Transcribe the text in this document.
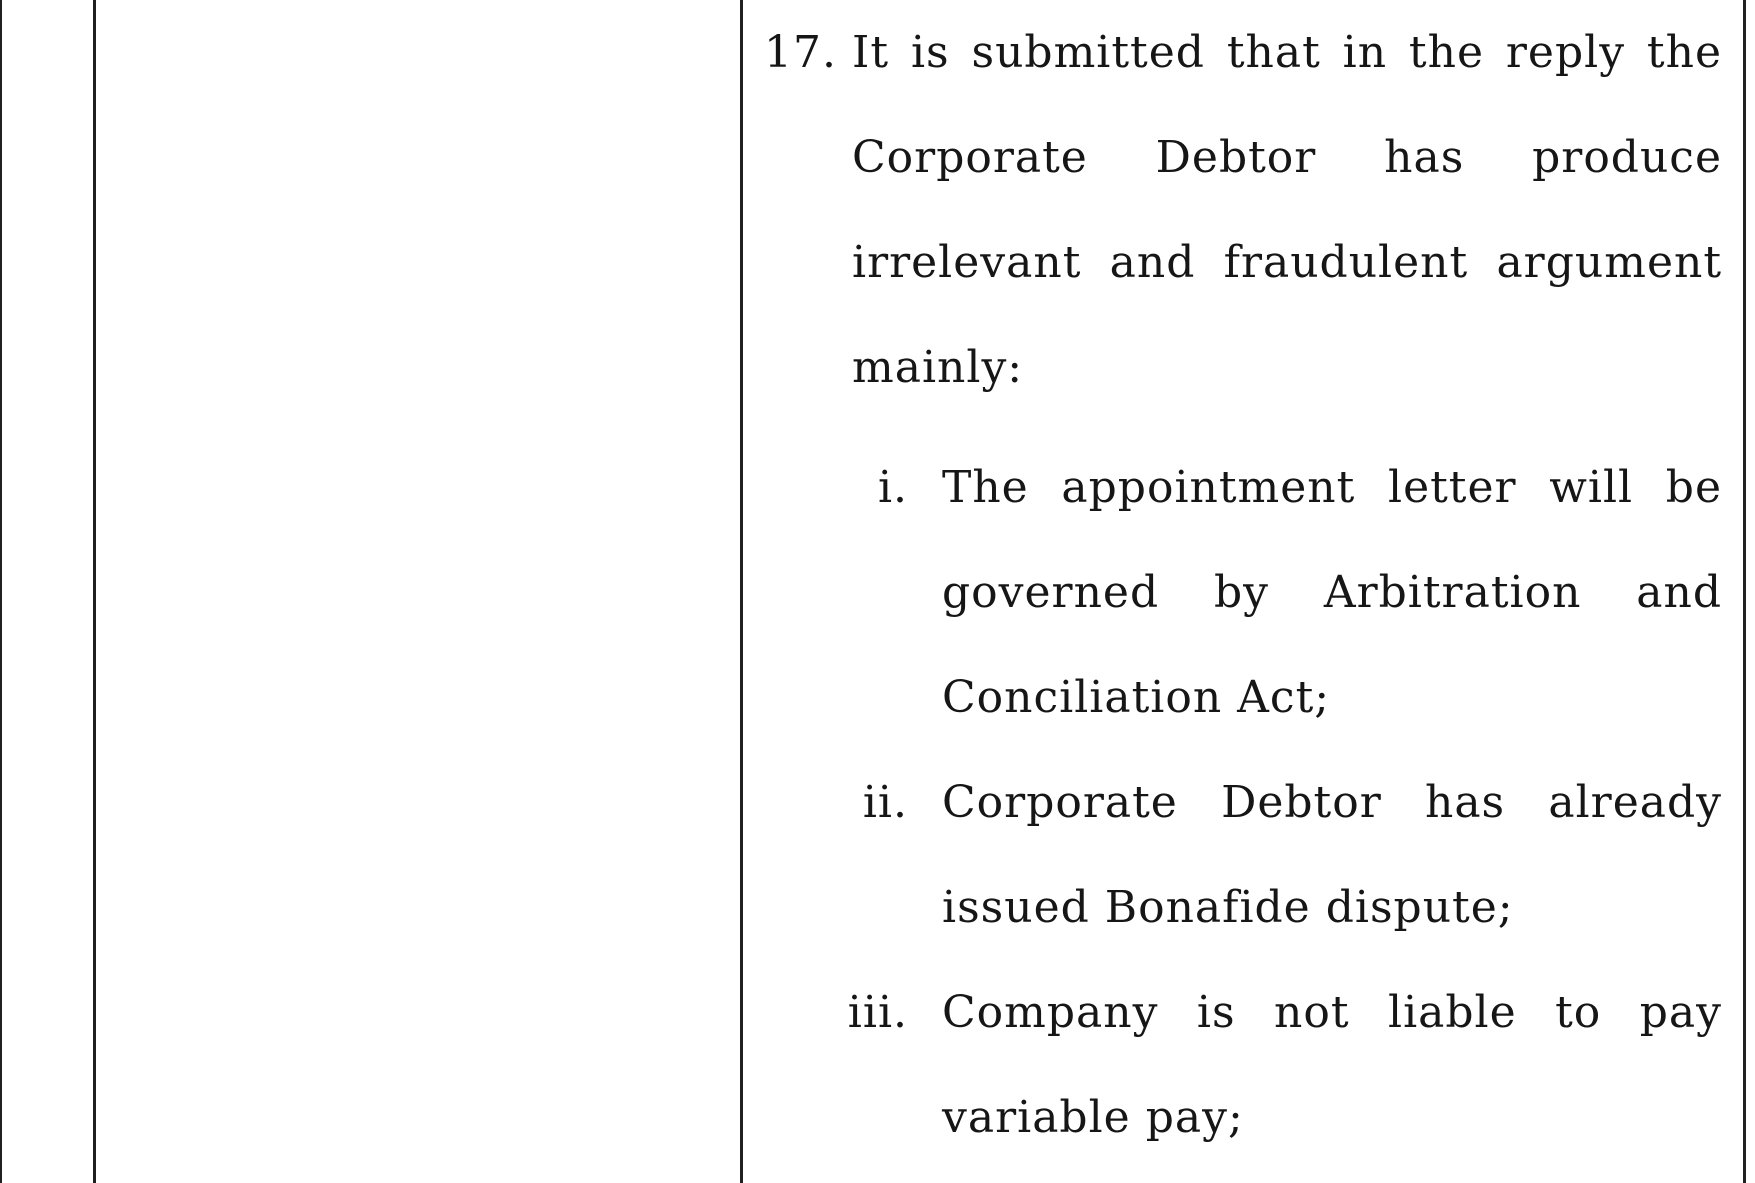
17. It is submitted that in the reply the
Corporate Debtor has produce
irrelevant and fraudulent argument
mainly:
i. The appointment letter will be
governed by Arbitration and
Conciliation Act;
ii. Corporate Debtor has already
issued Bonafide dispute;
iii. Company is not liable to pay
variable pay;
